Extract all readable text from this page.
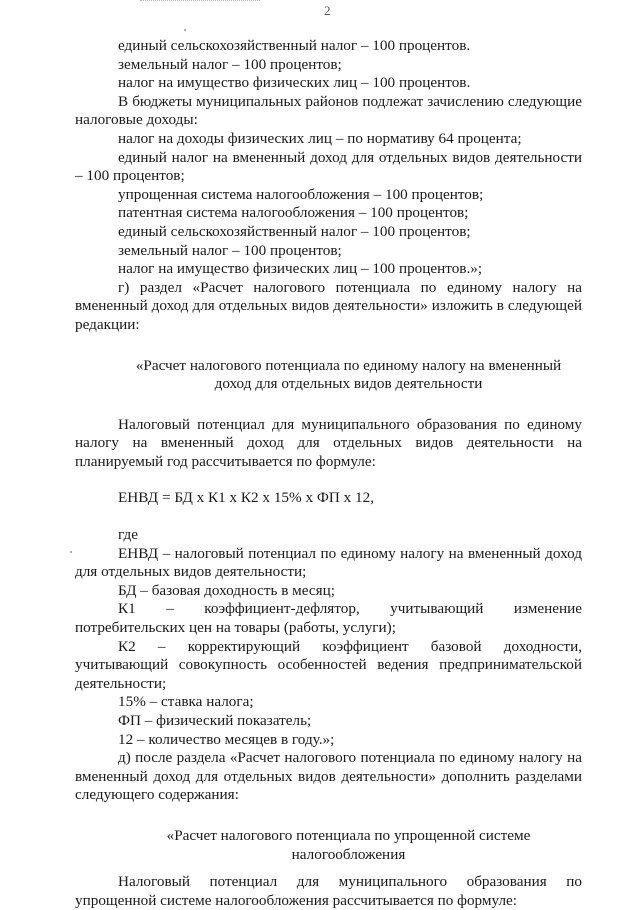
2

единый сельскохозяйственный налог – 100 процентов.

земельный налог – 100 процентов;

налог на имущество физических лиц – 100 процентов.

В бюджеты муниципальных районов подлежат зачислению следующие налоговые доходы:

налог на доходы физических лиц – по нормативу 64 процента;

единый налог на вмененный доход для отдельных видов деятельности – 100 процентов;

упрощенная система налогообложения – 100 процентов;

патентная система налогообложения – 100 процентов;

единый сельскохозяйственный налог – 100 процентов;

земельный налог – 100 процентов;

налог на имущество физических лиц – 100 процентов.»;

г) раздел «Расчет налогового потенциала по единому налогу на вмененный доход для отдельных видов деятельности» изложить в следующей редакции:

«Расчет налогового потенциала по единому налогу на вмененный доход для отдельных видов деятельности

Налоговый потенциал для муниципального образования по единому налогу на вмененный доход для отдельных видов деятельности на планируемый год рассчитывается по формуле:

ЕНВД = БД х К1 х К2 х 15% х ФП х 12,

где

ЕНВД – налоговый потенциал по единому налогу на вмененный доход для отдельных видов деятельности;

БД – базовая доходность в месяц;

К1 – коэффициент-дефлятор, учитывающий изменение потребительских цен на товары (работы, услуги);

К2 – корректирующий коэффициент базовой доходности, учитывающий совокупность особенностей ведения предпринимательской деятельности;

15% – ставка налога;

ФП – физический показатель;

12 – количество месяцев в году.»;

д) после раздела «Расчет налогового потенциала по единому налогу на вмененный доход для отдельных видов деятельности» дополнить разделами следующего содержания:

«Расчет налогового потенциала по упрощенной системе налогообложения

Налоговый потенциал для муниципального образования по упрощенной системе налогообложения рассчитывается по формуле:
